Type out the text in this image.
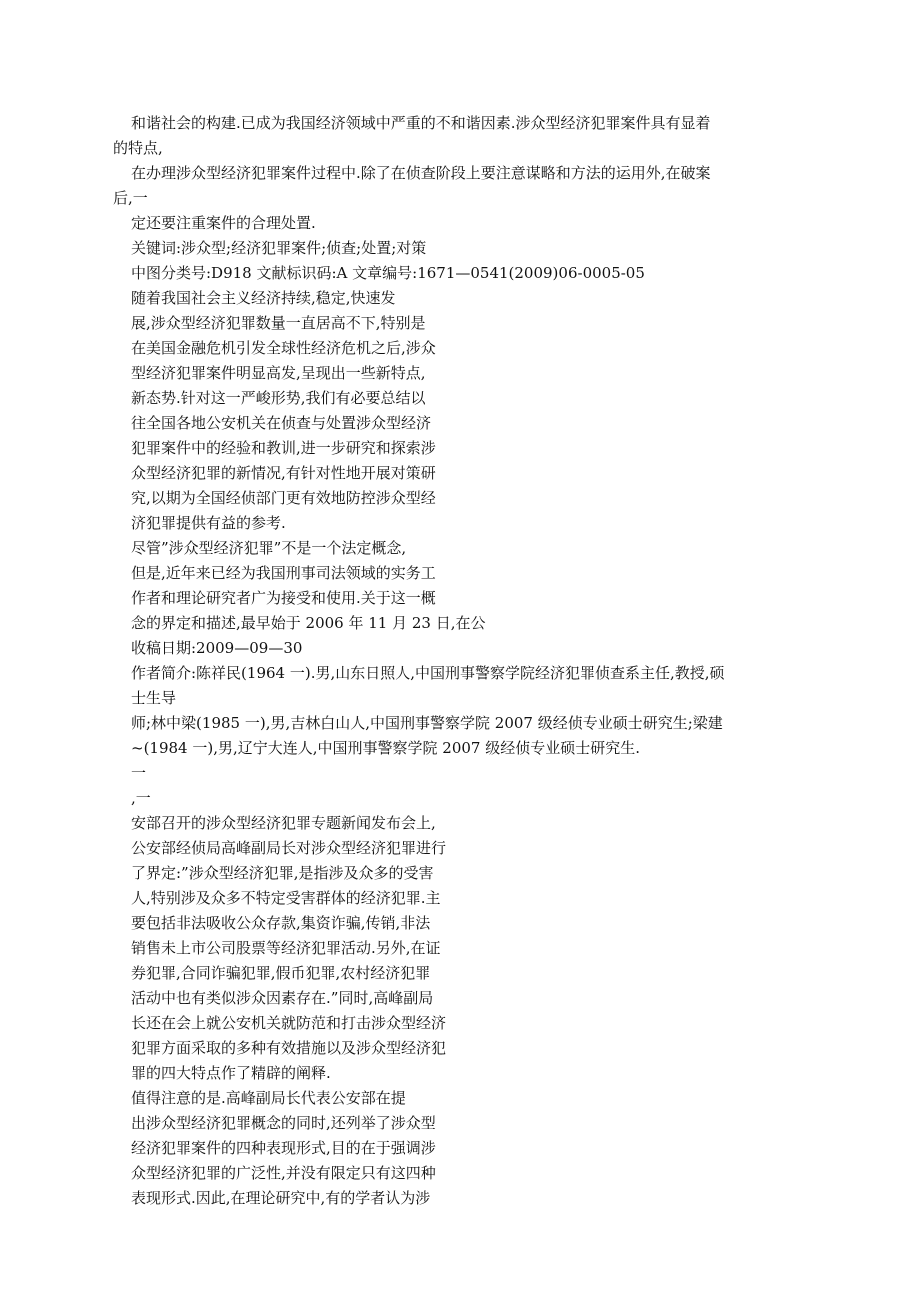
和谐社会的构建.已成为我国经济领域中严重的不和谐因素.涉众型经济犯罪案件具有显着
的特点,
在办理涉众型经济犯罪案件过程中.除了在侦查阶段上要注意谋略和方法的运用外,在破案
后,一
定还要注重案件的合理处置.
关键词:涉众型;经济犯罪案件;侦查;处置;对策
中图分类号:D918 文献标识码:A 文章编号:1671—0541(2009)06-0005-05
随着我国社会主义经济持续,稳定,快速发
展,涉众型经济犯罪数量一直居高不下,特别是
在美国金融危机引发全球性经济危机之后,涉众
型经济犯罪案件明显高发,呈现出一些新特点,
新态势.针对这一严峻形势,我们有必要总结以
往全国各地公安机关在侦查与处置涉众型经济
犯罪案件中的经验和教训,进一步研究和探索涉
众型经济犯罪的新情况,有针对性地开展对策研
究,以期为全国经侦部门更有效地防控涉众型经
济犯罪提供有益的参考.
尽管”涉众型经济犯罪”不是一个法定概念,
但是,近年来已经为我国刑事司法领域的实务工
作者和理论研究者广为接受和使用.关于这一概
念的界定和描述,最早始于 2006 年 11 月 23 日,在公
收稿日期:2009—09—30
作者简介:陈祥民(1964 一).男,山东日照人,中国刑事警察学院经济犯罪侦查系主任,教授,硕
士生导
师;林中梁(1985 一),男,吉林白山人,中国刑事警察学院 2007 级经侦专业硕士研究生;梁建
~(1984 一),男,辽宁大连人,中国刑事警察学院 2007 级经侦专业硕士研究生.
一
,一
安部召开的涉众型经济犯罪专题新闻发布会上,
公安部经侦局高峰副局长对涉众型经济犯罪进行
了界定:”涉众型经济犯罪,是指涉及众多的受害
人,特别涉及众多不特定受害群体的经济犯罪.主
要包括非法吸收公众存款,集资诈骗,传销,非法
销售未上市公司股票等经济犯罪活动.另外,在证
券犯罪,合同诈骗犯罪,假币犯罪,农村经济犯罪
活动中也有类似涉众因素存在.”同时,高峰副局
长还在会上就公安机关就防范和打击涉众型经济
犯罪方面采取的多种有效措施以及涉众型经济犯
罪的四大特点作了精辟的阐释.
值得注意的是.高峰副局长代表公安部在提
出涉众型经济犯罪概念的同时,还列举了涉众型
经济犯罪案件的四种表现形式,目的在于强调涉
众型经济犯罪的广泛性,并没有限定只有这四种
表现形式.因此,在理论研究中,有的学者认为涉
